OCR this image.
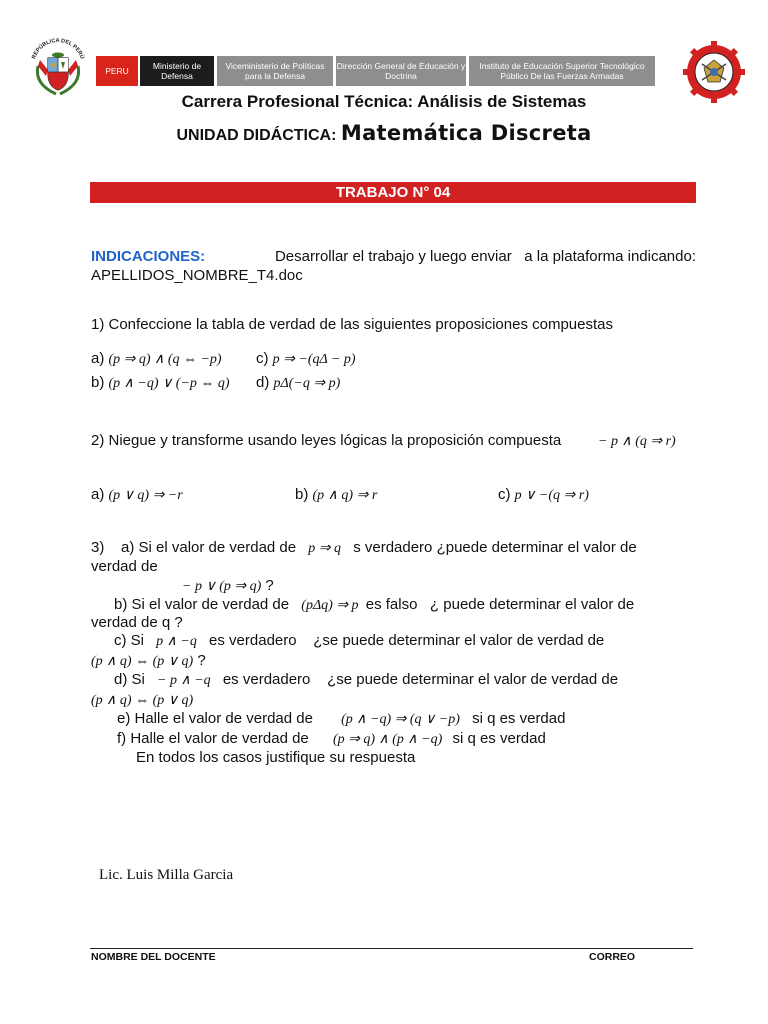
REPÚBLICA DEL PERÚ
PERU	Ministerio de Defensa
Viceministerio de Políticas para la Defensa
Dirección General de Educación y Doctrina
Instituto de Educación Superior Tecnológico Público De las Fuerzas Armadas
Carrera Profesional Técnica: Análisis de Sistemas
UNIDAD DIDÁCTICA: Matemática Discreta
TRABAJO N° 04
INDICACIONES:	Desarrollar el trabajo y luego enviar   a la plataforma indicando:
APELLIDOS_NOMBRE_T4.doc
1) Confeccione la tabla de verdad de las siguientes proposiciones compuestas
a) (p ⇒ q) ∧ (q ⇔ −p) c) p ⇒ −(qΔ − p)
b) (p ∧ −q) ∨ (−p ⇔ q) d) pΔ(−q ⇒ p)
2) Niegue y transforme usando leyes lógicas la proposición compuesta	− p ∧ (q ⇒ r)
a) (p ∨ q) ⇒ −r	b) (p ∧ q) ⇒ r	c) p ∨ −(q ⇒ r)
3)    a) Si el valor de verdad de p ⇒ q s verdadero ¿puede determinar el valor de
verdad de
− p ∨ (p ⇒ q) ?
b) Si el valor de verdad de (pΔq) ⇒ p es falso   ¿ puede determinar el valor de
verdad de q ?
c) Si p ∧ −q es verdadero    ¿se puede determinar el valor de verdad de
(p ∧ q) ⇔ (p ∨ q) ?
d) Si − p ∧ −q es verdadero    ¿se puede determinar el valor de verdad de
(p ∧ q) ⇔ (p ∨ q)
e) Halle el valor de verdad de (p ∧ −q) ⇒ (q ∨ −p) si q es verdad
f) Halle el valor de verdad de (p ⇒ q) ∧ (p ∧ −q) si q es verdad
En todos los casos justifique su respuesta
Lic. Luis Milla Garcia
NOMBRE DEL DOCENTE	CORREO
